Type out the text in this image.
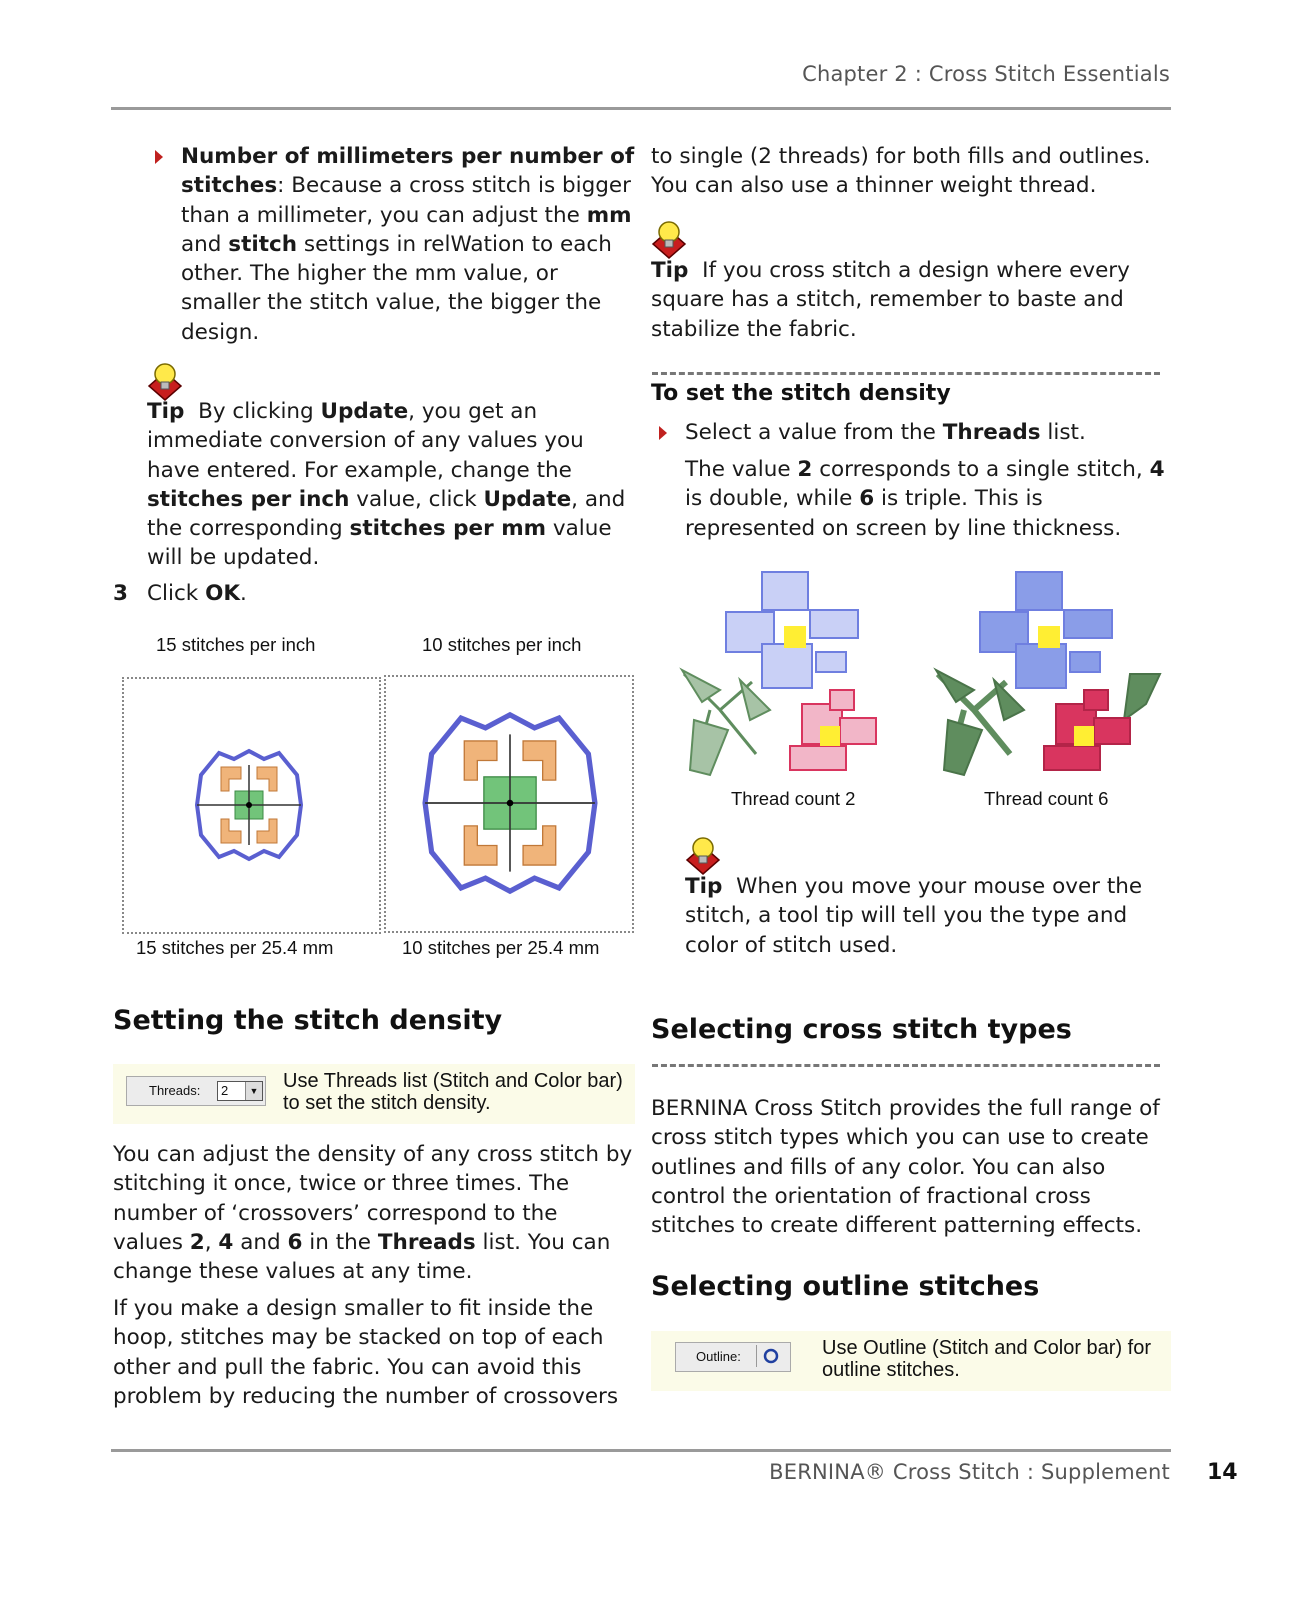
Chapter 2 : Cross Stitch Essentials
Number of millimeters per number of stitches: Because a cross stitch is bigger than a millimeter, you can adjust the mm and stitch settings in relWation to each other. The higher the mm value, or smaller the stitch value, the bigger the design.
Tip By clicking Update, you get an immediate conversion of any values you have entered. For example, change the stitches per inch value, click Update, and the corresponding stitches per mm value will be updated.
3 Click OK.
15 stitches per inch	10 stitches per inch
15 stitches per 25.4 mm	10 stitches per 25.4 mm
Setting the stitch density
Threads: 2	▼ Use Threads list (Stitch and Color bar) to set the stitch density.
You can adjust the density of any cross stitch by stitching it once, twice or three times. The number of ‘crossovers’ correspond to the values 2, 4 and 6 in the Threads list. You can change these values at any time.
If you make a design smaller to fit inside the hoop, stitches may be stacked on top of each other and pull the fabric. You can avoid this problem by reducing the number of crossovers
to single (2 threads) for both fills and outlines. You can also use a thinner weight thread.
Tip If you cross stitch a design where every square has a stitch, remember to baste and stabilize the fabric.
To set the stitch density
Select a value from the Threads list.
The value 2 corresponds to a single stitch, 4 is double, while 6 is triple. This is represented on screen by line thickness.
Thread count 2	Thread count 6
Tip When you move your mouse over the stitch, a tool tip will tell you the type and color of stitch used.
Selecting cross stitch types
BERNINA Cross Stitch provides the full range of cross stitch types which you can use to create outlines and fills of any color. You can also control the orientation of fractional cross stitches to create different patterning effects.
Selecting outline stitches
Outline:	Use Outline (Stitch and Color bar) for outline stitches.
BERNINA® Cross Stitch : Supplement 14
